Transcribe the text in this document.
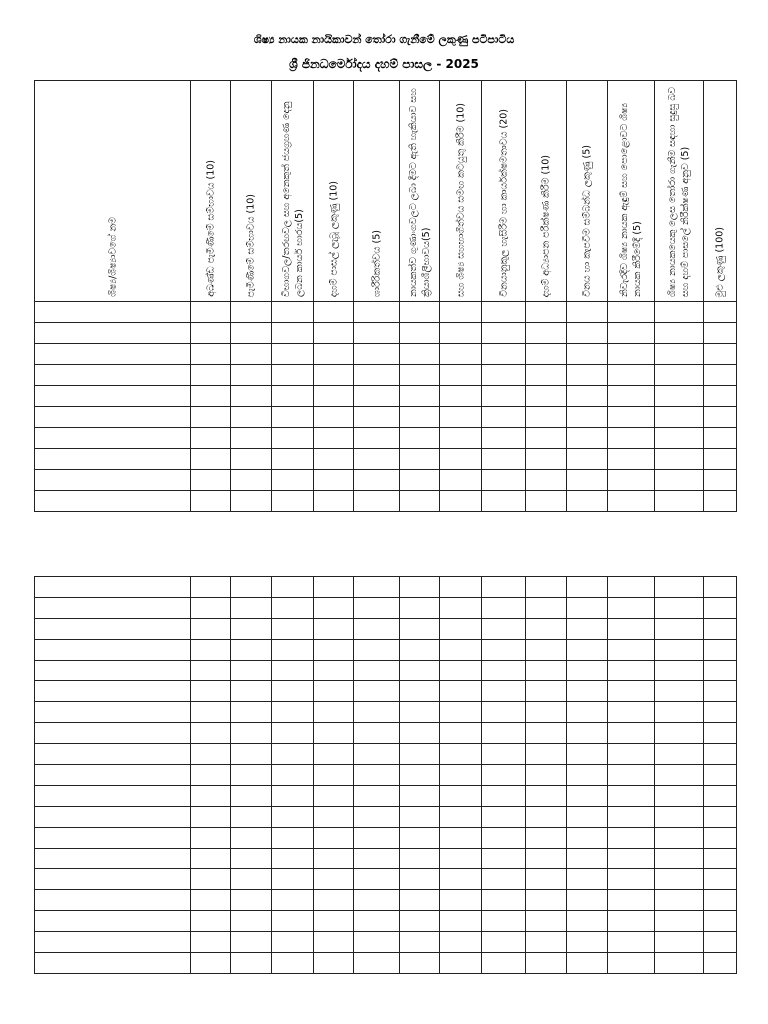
ශිෂ්‍ය නායක නායිකාවන් තෝරා ගැනීමේ ලකුණු පටිපාටිය
ශ්‍රී ජිනධර්මෝදය දහම් පාසල - 2025
ශිෂ්‍ය/ශිෂ්‍යාවගේ නම	අඛණ්ඩ පැමිණීමේ සම්භාවය (10)	පැමිණීමේ සම්භාවය (10)	විභාගවල/තරඟවල සහ අනෙකුත් ජයග්‍රහණ දෙනු ලබන කාර්ය භාරය(5)	දහම් පාසල් ලැබූ ලකුණු (10)	ශාරීරිකත්වය (5)	නායකත්ව ගුණාංගවලට ලබා දීමට ඇති හැකියාව සහ ක්‍රියාශීලීභාවය(5)	සහ ශිෂ්‍ය සහභාගීත්වය සමඟ කටයුතු කිරීම (10)	විනයානුකූල හැසිරීම හා කාර්යක්ෂමතාවය (20)	දහම් අධ්‍යාපන පරීක්ෂණ කිරීම (10)	විනය හා කැපවීම සම්බන්ධ ලකුණු (5)	නිවැරදිව ශිෂ්‍ය නායක ඇඳුම් සහ පොළොවට ශිෂ්‍ය නායක කිරීමේදී (5)	ශිෂ්‍ය නායකයෙකු ලෙස තෝරා ගැනීම සඳහා සුදුසු බව සහ දහම් පාසලේ නිරීක්ෂණ අනුව (5)	මුළු ලකුණු (100)
